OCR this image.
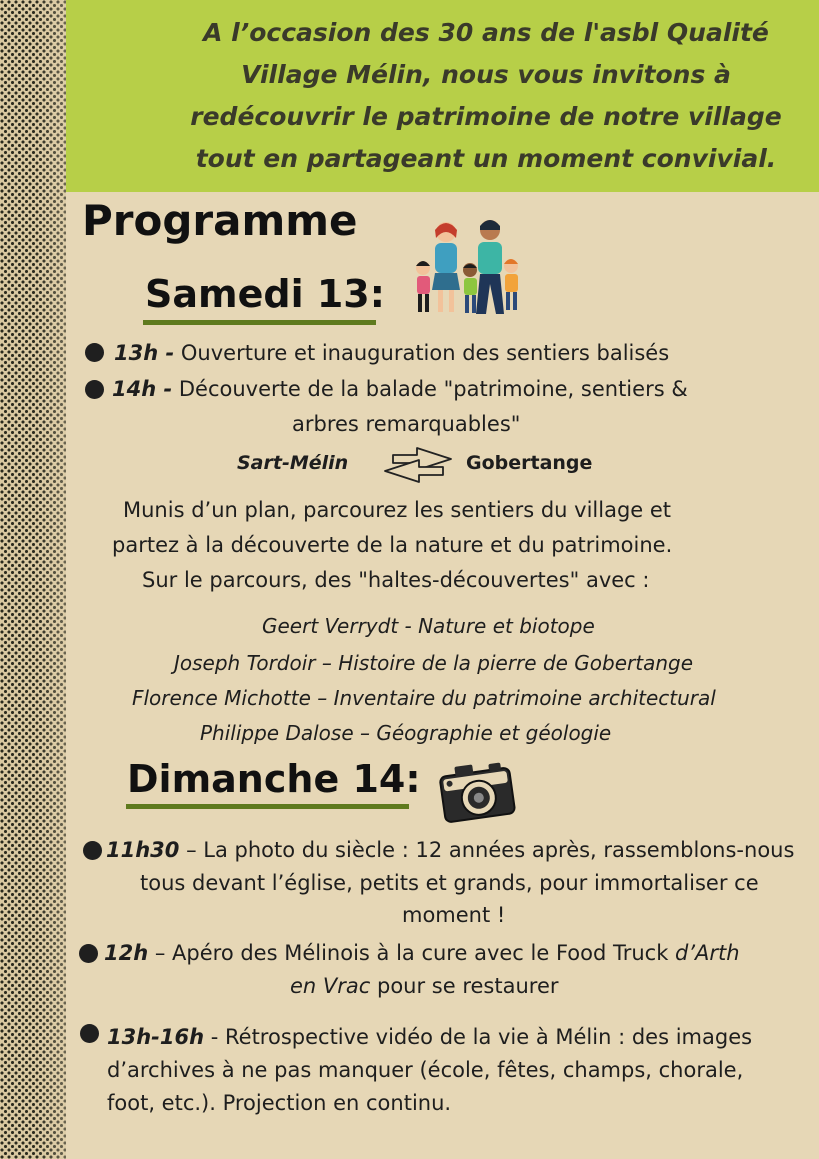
A l’occasion des 30 ans de l'asbl Qualité
Village Mélin, nous vous invitons à
redécouvrir le patrimoine de notre village
tout en partageant un moment convivial.

Programme
Samedi 13:

13h - Ouverture et inauguration des sentiers balisés

14h - Découverte de la balade "patrimoine, sentiers &

arbres remarquables"

Sart-Mélin	Gobertange

Munis d’un plan, parcourez les sentiers du village et

partez à la découverte de la nature et du patrimoine.

Sur le parcours, des "haltes-découvertes" avec :

Geert Verrydt - Nature et biotope

Joseph Tordoir – Histoire de la pierre de Gobertange

Florence Michotte – Inventaire du patrimoine architectural

Philippe Dalose – Géographie et géologie

Dimanche 14:

11h30 – La photo du siècle : 12 années après, rassemblons-nous

tous devant l’église, petits et grands, pour immortaliser ce

moment !

12h – Apéro des Mélinois à la cure avec le Food Truck d’Arth

en Vrac pour se restaurer

13h-16h - Rétrospective vidéo de la vie à Mélin : des images

d’archives à ne pas manquer (école, fêtes, champs, chorale,

foot, etc.). Projection en continu.
